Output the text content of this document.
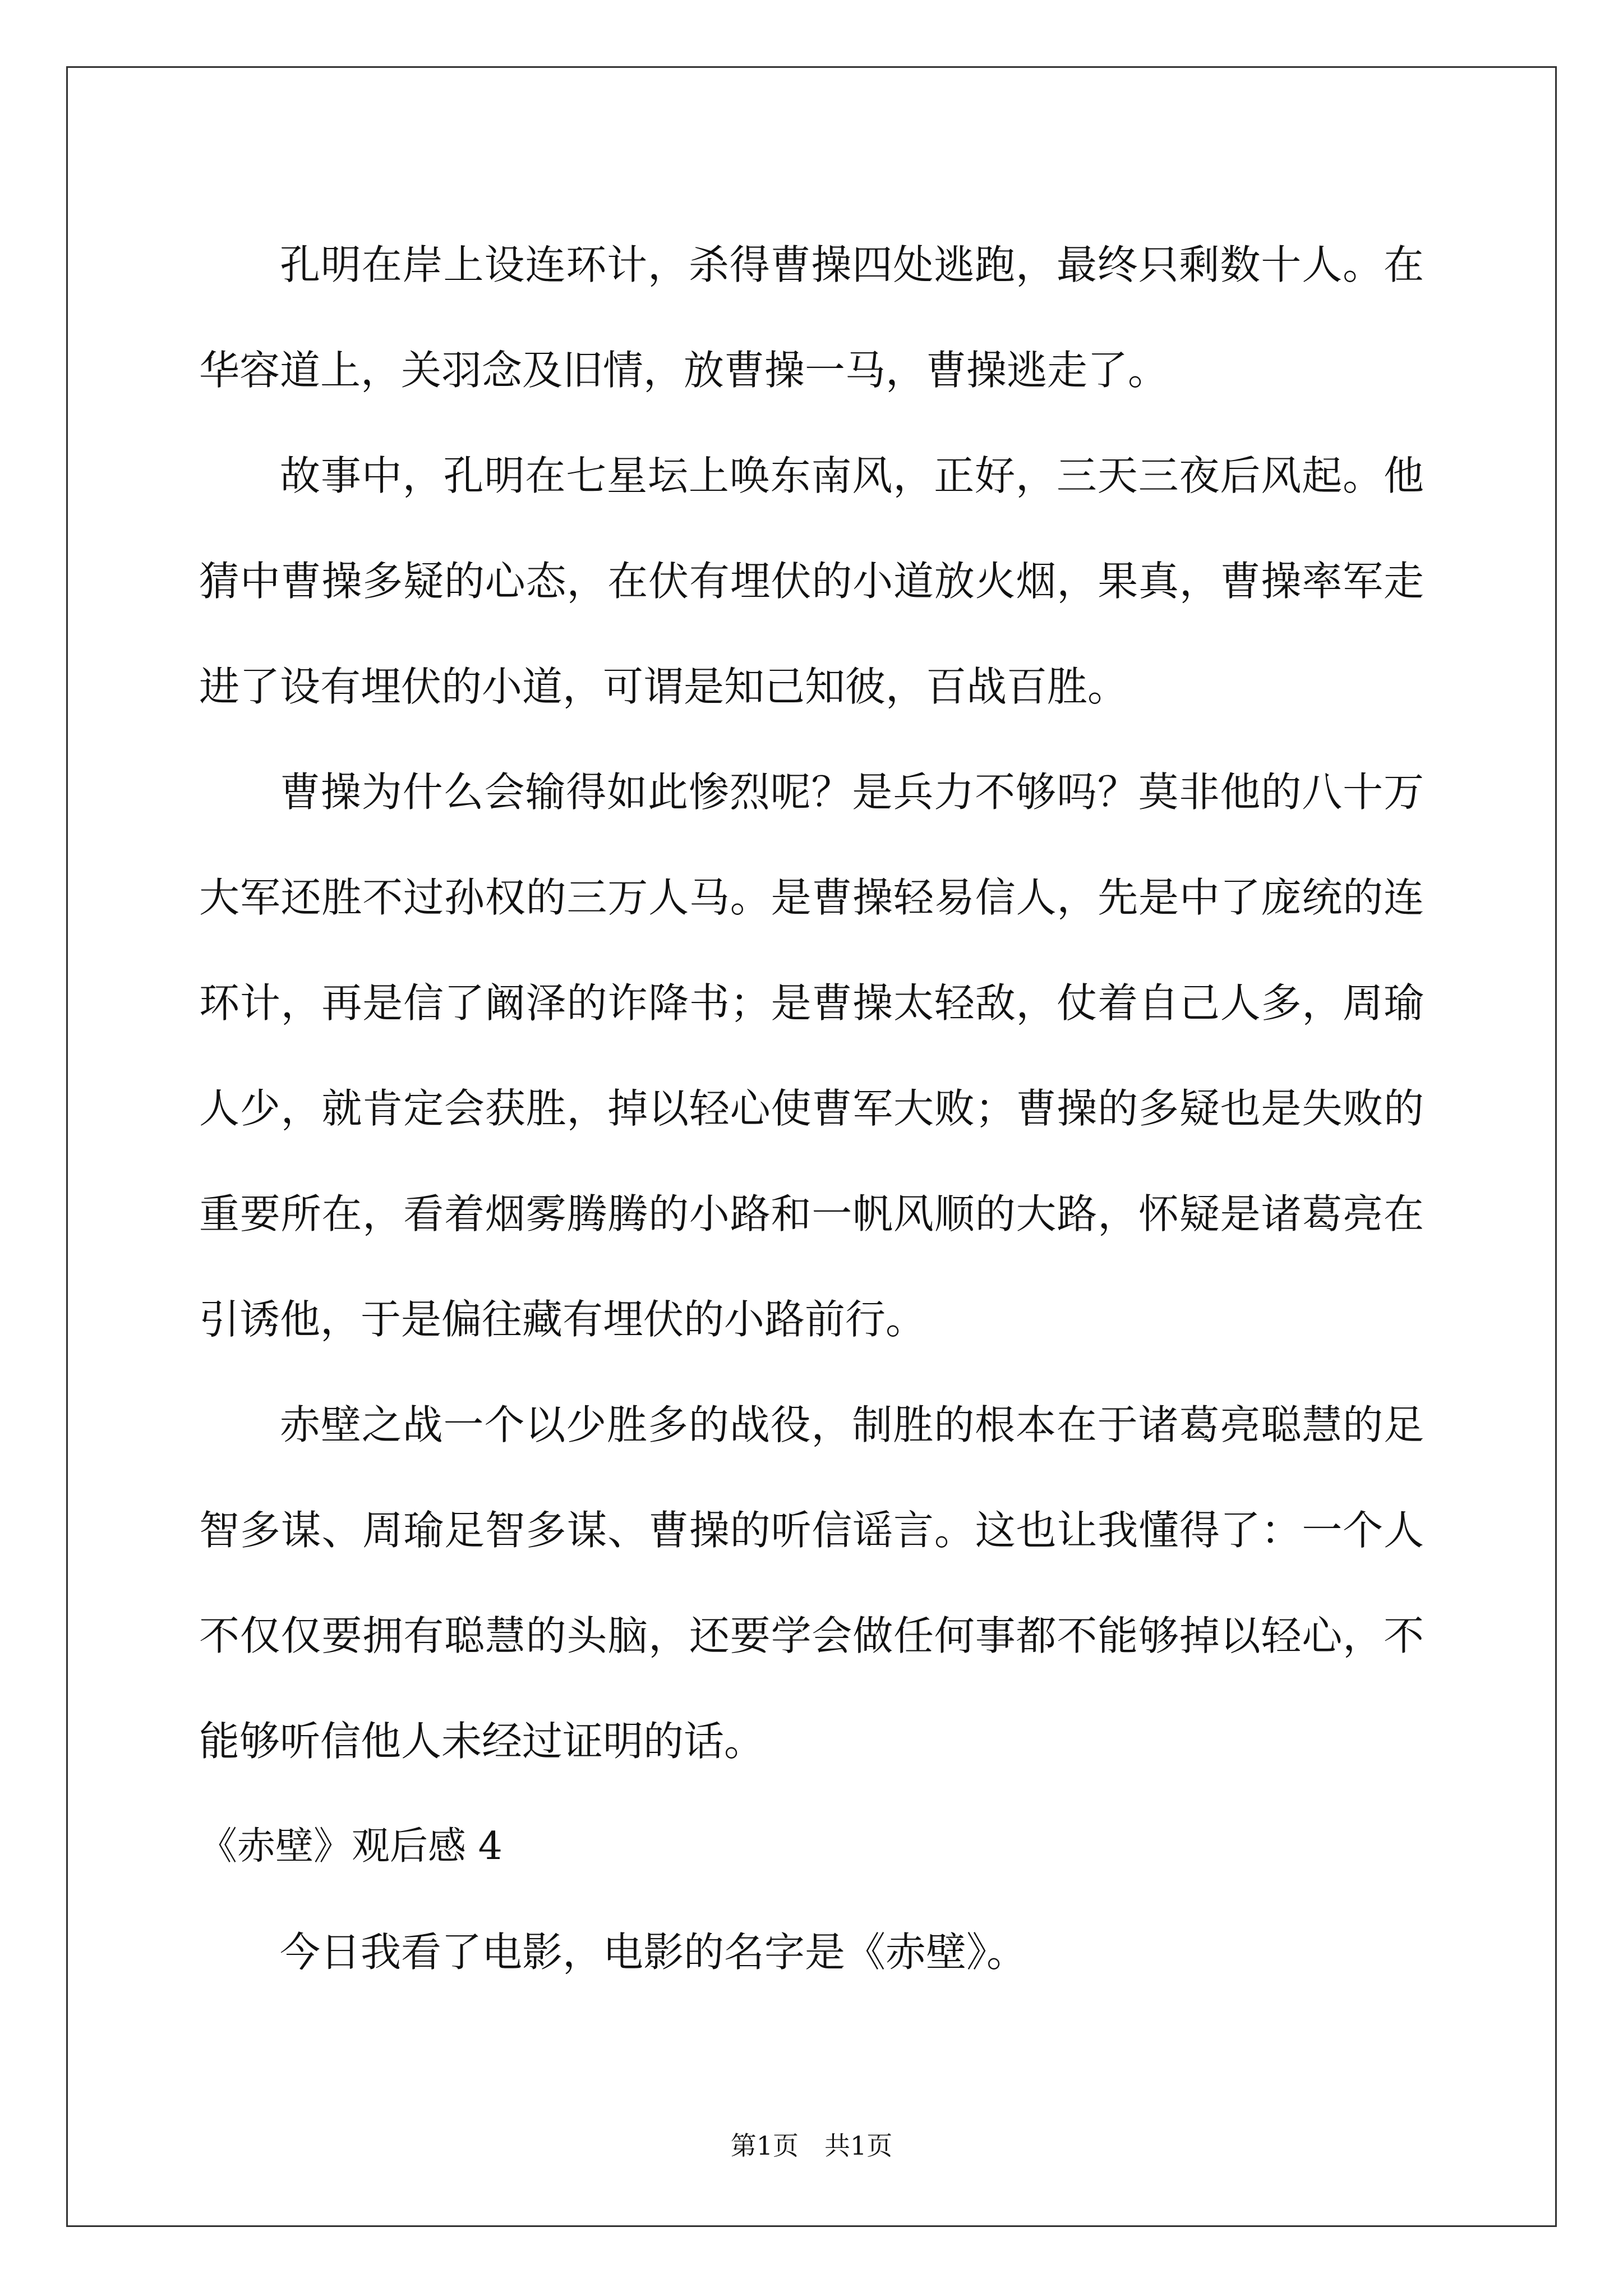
孔明在岸上设连环计，杀得曹操四处逃跑，最终只剩数十人。在华容道上，关羽念及旧情，放曹操一马，曹操逃走了。

故事中，孔明在七星坛上唤东南风，正好，三天三夜后风起。他猜中曹操多疑的心态，在伏有埋伏的小道放火烟，果真，曹操率军走进了设有埋伏的小道，可谓是知己知彼，百战百胜。

曹操为什么会输得如此惨烈呢？是兵力不够吗？莫非他的八十万大军还胜不过孙权的三万人马。是曹操轻易信人，先是中了庞统的连环计，再是信了阚泽的诈降书；是曹操太轻敌，仗着自己人多，周瑜人少，就肯定会获胜，掉以轻心使曹军大败；曹操的多疑也是失败的重要所在，看着烟雾腾腾的小路和一帆风顺的大路，怀疑是诸葛亮在引诱他，于是偏往藏有埋伏的小路前行。

赤壁之战一个以少胜多的战役，制胜的根本在于诸葛亮聪慧的足智多谋、周瑜足智多谋、曹操的听信谣言。这也让我懂得了：一个人不仅仅要拥有聪慧的头脑，还要学会做任何事都不能够掉以轻心，不能够听信他人未经过证明的话。

《赤壁》观后感 4

今日我看了电影，电影的名字是《赤壁》。

第1页　共1页
